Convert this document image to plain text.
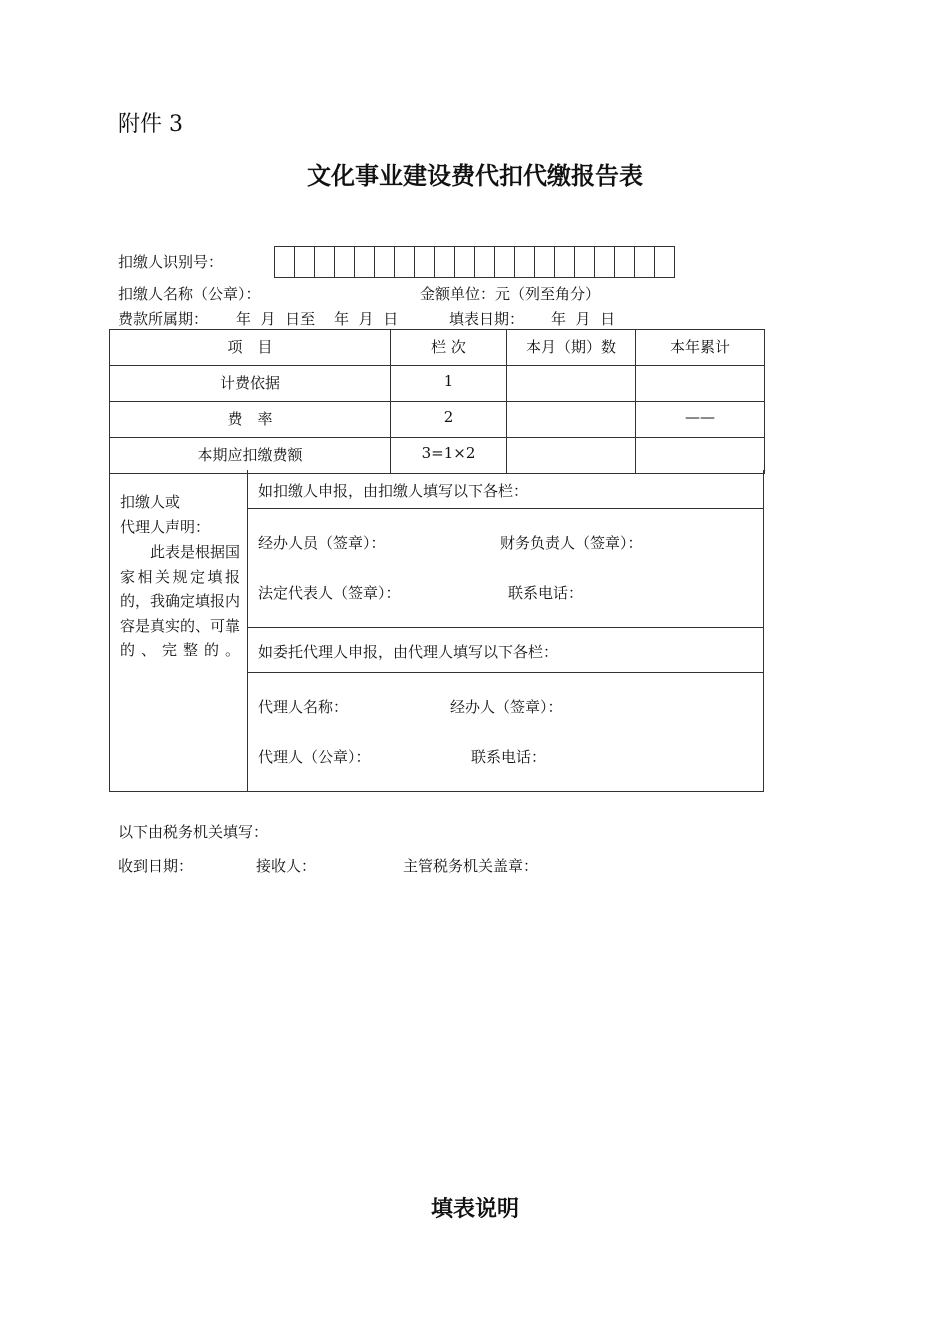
附件 3
文化事业建设费代扣代缴报告表
扣缴人识别号：
扣缴人名称（公章）：	金额单位：元（列至角分）
费款所属期： 年  月  日至    年  月  日	填表日期： 年  月  日
项　目	栏 次	本月（期）数	本年累计
计费依据	1		
费　率	2		——
本期应扣缴费额	3=1×2		
扣缴人或
代理人声明：
　　此表是根据国家相关规定填报的，我确定填报内容是真实的、可靠的、完整的。
如扣缴人申报，由扣缴人填写以下各栏：
经办人员（签章）：	财务负责人（签章）：
法定代表人（签章）：	联系电话：
如委托代理人申报，由代理人填写以下各栏：
代理人名称：	经办人（签章）：
代理人（公章）：	联系电话：
以下由税务机关填写：
收到日期：	接收人：	主管税务机关盖章：
填表说明
